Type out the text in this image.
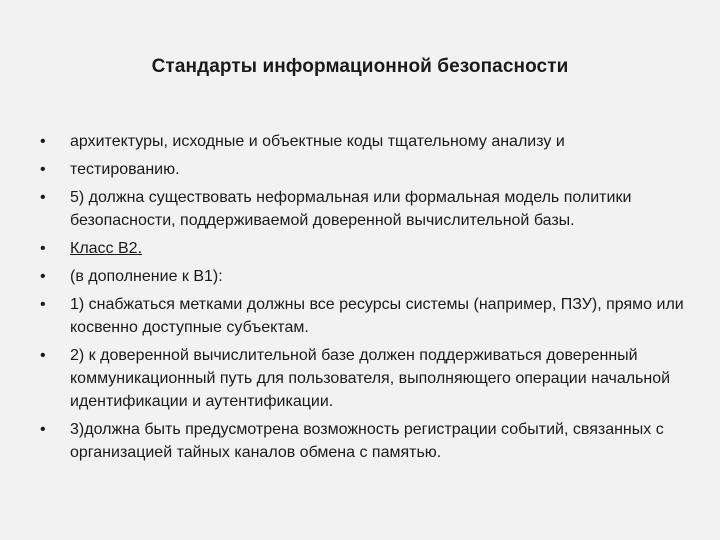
Стандарты информационной безопасности
•	архитектуры, исходные и объектные коды тщательному анализу и
•	тестированию.
•	5) должна существовать неформальная или формальная модель политики безопасности, поддерживаемой доверенной вычислительной базы.
•	Класс B2.
•	(в дополнение к B1):
•	1) снабжаться метками должны все ресурсы системы (например, ПЗУ), прямо или косвенно доступные субъектам.
•	2) к доверенной вычислительной базе должен поддерживаться доверенный коммуникационный путь для пользователя, выполняющего операции начальной идентификации и аутентификации.
•	3)должна быть предусмотрена возможность регистрации событий, связанных с организацией тайных каналов обмена с памятью.
